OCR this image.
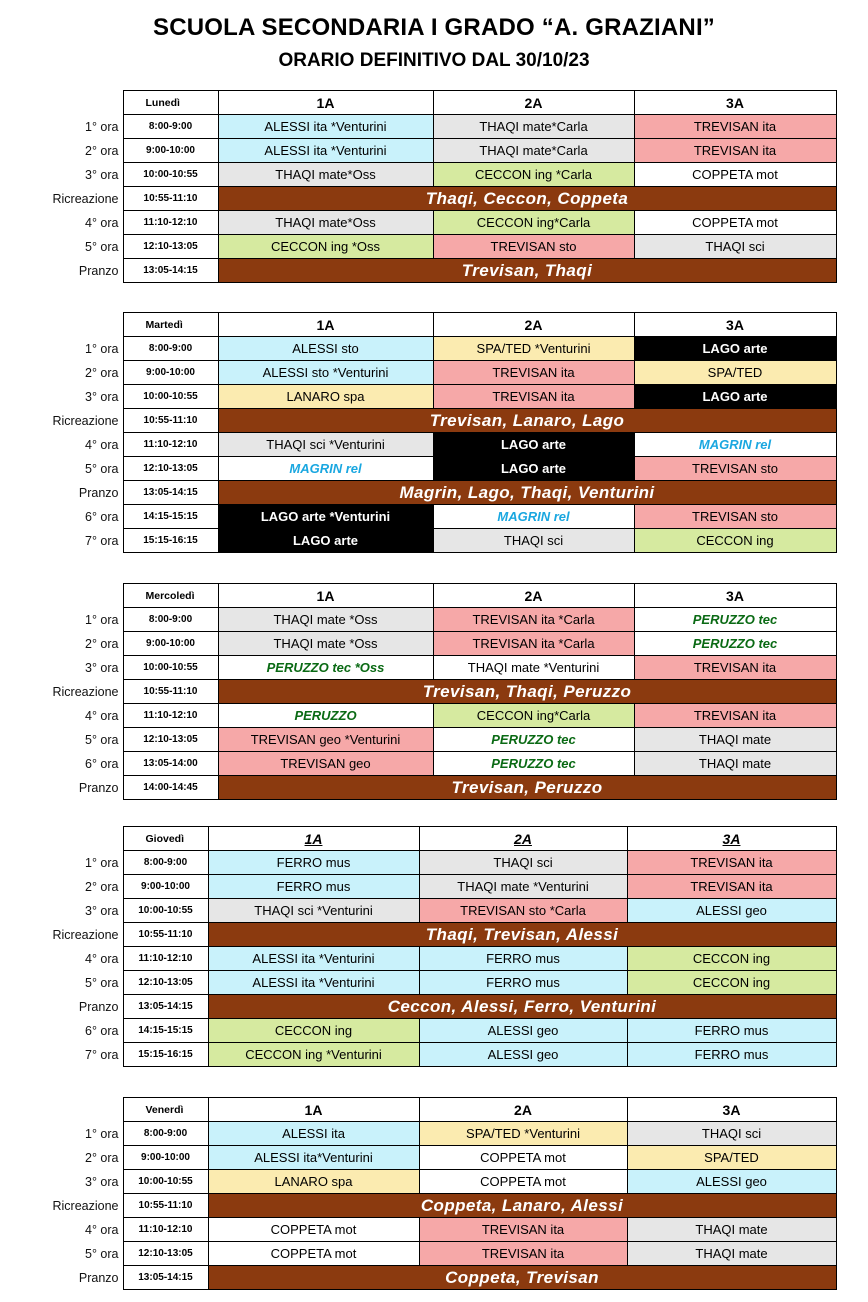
SCUOLA SECONDARIA I GRADO “A. GRAZIANI”
ORARIO DEFINITIVO DAL 30/10/23
	Lunedì	1A	2A	3A
1° ora	8:00-9:00	ALESSI ita *Venturini	THAQI mate*Carla	TREVISAN ita
2° ora	9:00-10:00	ALESSI ita *Venturini	THAQI mate*Carla	TREVISAN ita
3° ora	10:00-10:55	THAQI mate*Oss	CECCON ing *Carla	COPPETA mot
Ricreazione	10:55-11:10	Thaqi, Ceccon, Coppeta		
4° ora	11:10-12:10	THAQI mate*Oss	CECCON ing*Carla	COPPETA mot
5° ora	12:10-13:05	CECCON ing *Oss	TREVISAN sto	THAQI sci
Pranzo	13:05-14:15	Trevisan, Thaqi		
	Martedì	1A	2A	3A
1° ora	8:00-9:00	ALESSI sto	SPA/TED *Venturini	LAGO arte
2° ora	9:00-10:00	ALESSI sto *Venturini	TREVISAN ita	SPA/TED
3° ora	10:00-10:55	LANARO spa	TREVISAN ita	LAGO arte
Ricreazione	10:55-11:10	Trevisan, Lanaro, Lago		
4° ora	11:10-12:10	THAQI sci *Venturini	LAGO arte	MAGRIN rel
5° ora	12:10-13:05	MAGRIN rel	LAGO arte	TREVISAN sto
Pranzo	13:05-14:15	Magrin, Lago, Thaqi, Venturini		
6° ora	14:15-15:15	LAGO arte *Venturini	MAGRIN rel	TREVISAN sto
7° ora	15:15-16:15	LAGO arte	THAQI sci	CECCON ing
	Mercoledì	1A	2A	3A
1° ora	8:00-9:00	THAQI mate *Oss	TREVISAN ita *Carla	PERUZZO tec
2° ora	9:00-10:00	THAQI mate *Oss	TREVISAN ita *Carla	PERUZZO tec
3° ora	10:00-10:55	PERUZZO tec *Oss	THAQI mate *Venturini	TREVISAN ita
Ricreazione	10:55-11:10	Trevisan, Thaqi, Peruzzo		
4° ora	11:10-12:10	PERUZZO	CECCON ing*Carla	TREVISAN ita
5° ora	12:10-13:05	TREVISAN geo *Venturini	PERUZZO tec	THAQI mate
6° ora	13:05-14:00	TREVISAN geo	PERUZZO tec	THAQI mate
Pranzo	14:00-14:45	Trevisan, Peruzzo		
	Giovedì	1A	2A	3A
1° ora	8:00-9:00	FERRO mus	THAQI sci	TREVISAN ita
2° ora	9:00-10:00	FERRO mus	THAQI mate *Venturini	TREVISAN ita
3° ora	10:00-10:55	THAQI sci *Venturini	TREVISAN sto *Carla	ALESSI geo
Ricreazione	10:55-11:10	Thaqi, Trevisan, Alessi		
4° ora	11:10-12:10	ALESSI ita *Venturini	FERRO mus	CECCON ing
5° ora	12:10-13:05	ALESSI ita *Venturini	FERRO mus	CECCON ing
Pranzo	13:05-14:15	Ceccon, Alessi, Ferro, Venturini		
6° ora	14:15-15:15	CECCON ing	ALESSI geo	FERRO mus
7° ora	15:15-16:15	CECCON ing *Venturini	ALESSI geo	FERRO mus
	Venerdì	1A	2A	3A
1° ora	8:00-9:00	ALESSI ita	SPA/TED *Venturini	THAQI sci
2° ora	9:00-10:00	ALESSI ita*Venturini	COPPETA mot	SPA/TED
3° ora	10:00-10:55	LANARO spa	COPPETA mot	ALESSI geo
Ricreazione	10:55-11:10	Coppeta, Lanaro, Alessi		
4° ora	11:10-12:10	COPPETA mot	TREVISAN ita	THAQI mate
5° ora	12:10-13:05	COPPETA mot	TREVISAN ita	THAQI mate
Pranzo	13:05-14:15	Coppeta, Trevisan		
